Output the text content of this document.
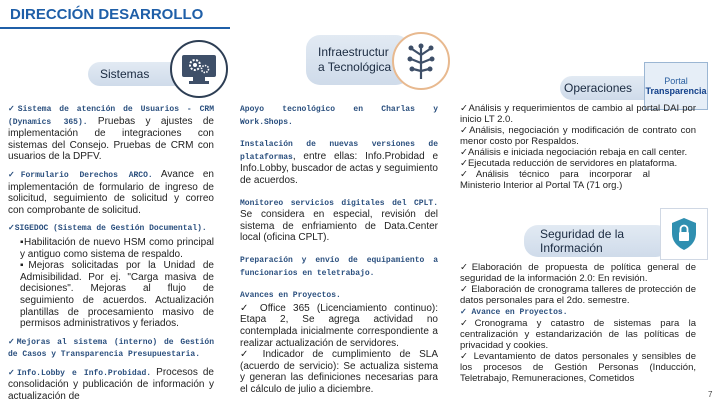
DIRECCIÓN DESARROLLO
Sistemas
Infraestructur
a Tecnológica
Operaciones
Seguridad de la
Información
Portal
Transparencia

✓Sistema de atención de Usuarios - CRM (Dynamics 365). Pruebas y ajustes de implementación de integraciones con sistemas del Consejo. Pruebas de CRM con usuarios de la DPFV.

✓Formulario Derechos ARCO. Avance en implementación de formulario de ingreso de solicitud, seguimiento de solicitud y correo con comprobante de solicitud.

✓SIGEDOC (Sistema de Gestión Documental).

▪Habilitación de nuevo HSM como principal y antiguo como sistema de respaldo.
▪Mejoras solicitadas por la Unidad de Admisibilidad. Por ej. "Carga masiva de decisiones". Mejoras al flujo de seguimiento de acuerdos. Actualización plantillas de procesamiento masivo de permisos administrativos y feriados.

✓Mejoras al sistema (interno) de Gestión de Casos y Transparencia Presupuestaria.

✓Info.Lobby e Info.Probidad. Procesos de consolidación y publicación de información y actualización de

Apoyo tecnológico en Charlas y Work.Shops.

Instalación de nuevas versiones de plataformas, entre ellas: Info.Probidad e Info.Lobby, buscador de actas y seguimiento de acuerdos.

Monitoreo servicios digitales del CPLT. Se considera en especial, revisión del sistema de enfriamiento de Data.Center local (oficina CPLT).

Preparación y envío de equipamiento a funcionarios en teletrabajo.

Avances en Proyectos.

✓ Office 365 (Licenciamiento continuo): Etapa 2, Se agrega actividad no contemplada inicialmente correspondiente a realizar actualización de servidores.
✓ Indicador de cumplimiento de SLA (acuerdo de servicio): Se actualiza sistema y generan las definiciones necesarias para el cálculo de julio a diciembre.

✓Análisis y requerimientos de cambio al portal DAI por inicio LT 2.0.

✓Análisis, negociación y modificación de contrato con menor costo por Respaldos.

✓Análisis e iniciada negociación rebaja en call center.

✓Ejecutada reducción de servidores en plataforma.

✓Análisis técnico para incorporar al Ministerio Interior al Portal TA (71 org.)

✓Elaboración de propuesta de política general de seguridad de la información 2.0: En revisión.

✓ Elaboración de cronograma talleres de protección de datos personales para el 2do. semestre.

✓ Avance en Proyectos.

✓Cronograma y catastro de sistemas para la centralización y estandarización de las políticas de privacidad y cookies.

✓ Levantamiento de datos personales y sensibles de los procesos de Gestión Personas (Inducción, Teletrabajo, Remuneraciones, Cometidos

7
